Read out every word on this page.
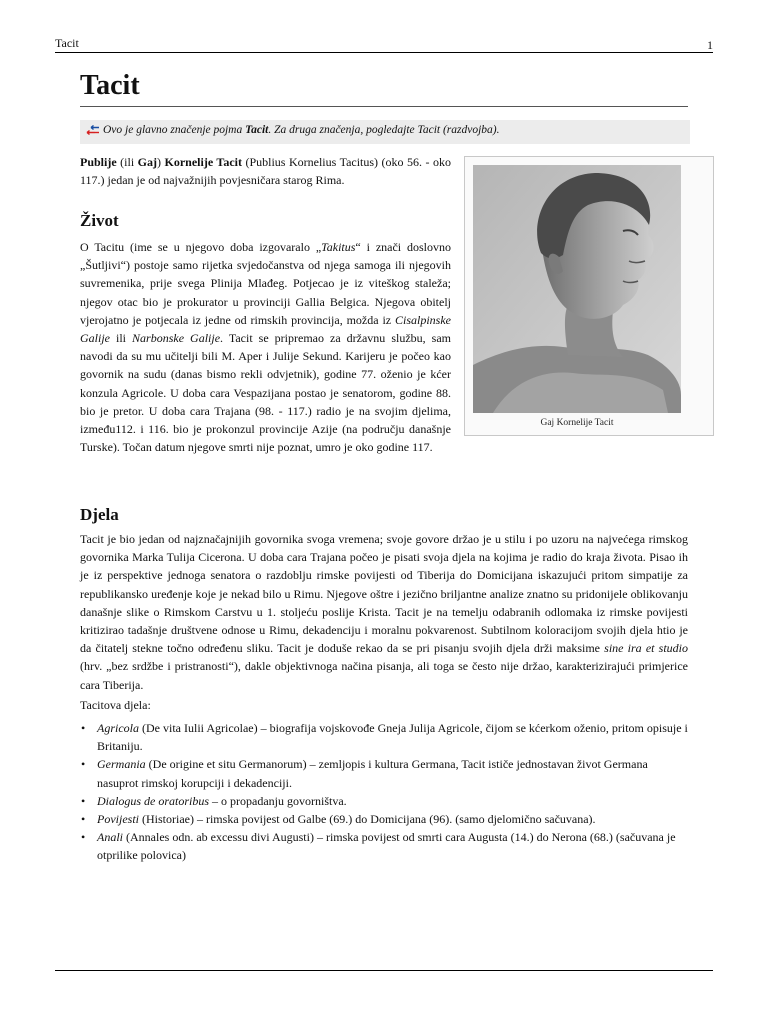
Tacit	1
Tacit
Ovo je glavno značenje pojma Tacit. Za druga značenja, pogledajte Tacit (razdvojba).

Publije (ili Gaj) Kornelije Tacit (Publius Kornelius Tacitus) (oko 56. - oko 117.) jedan je od najvažnijih povjesničara starog Rima.

Gaj Kornelije Tacit
Život

O Tacitu (ime se u njegovo doba izgovaralo „Takitus“ i znači doslovno „Šutljivi“) postoje samo rijetka svjedočanstva od njega samoga ili njegovih suvremenika, prije svega Plinija Mlađeg. Potjecao je iz viteškog staleža; njegov otac bio je prokurator u provinciji Gallia Belgica. Njegova obitelj vjerojatno je potjecala iz jedne od rimskih provincija, možda iz Cisalpinske Galije ili Narbonske Galije. Tacit se pripremao za državnu službu, sam navodi da su mu učitelji bili M. Aper i Julije Sekund. Karijeru je počeo kao govornik na sudu (danas bismo rekli odvjetnik), godine 77. oženio je kćer konzula Agricole. U doba cara Vespazijana postao je senatorom, godine 88. bio je pretor. U doba cara Trajana (98. - 117.) radio je na svojim djelima, između112. i 116. bio je prokonzul provincije Azije (na području današnje Turske). Točan datum njegove smrti nije poznat, umro je oko godine 117.

Djela

Tacit je bio jedan od najznačajnijih govornika svoga vremena; svoje govore držao je u stilu i po uzoru na najvećega rimskog govornika Marka Tulija Cicerona. U doba cara Trajana počeo je pisati svoja djela na kojima je radio do kraja života. Pisao ih je iz perspektive jednoga senatora o razdoblju rimske povijesti od Tiberija do Domicijana iskazujući pritom simpatije za republikansko uređenje koje je nekad bilo u Rimu. Njegove oštre i jezično briljantne analize znatno su pridonijele oblikovanju današnje slike o Rimskom Carstvu u 1. stoljeću poslije Krista. Tacit je na temelju odabranih odlomaka iz rimske povijesti kritizirao tadašnje društvene odnose u Rimu, dekadenciju i moralnu pokvarenost. Subtilnom koloracijom svojih djela htio je da čitatelj stekne točno određenu sliku. Tacit je doduše rekao da se pri pisanju svojih djela drži maksime sine ira et studio (hrv. „bez srdžbe i pristranosti“), dakle objektivnoga načina pisanja, ali toga se često nije držao, karakterizirajući primjerice cara Tiberija.

Tacitova djela:

• Agricola (De vita Iulii Agricolae) – biografija vojskovođe Gneja Julija Agricole, čijom se kćerkom oženio, pritom opisuje i Britaniju.
• Germania (De origine et situ Germanorum) – zemljopis i kultura Germana, Tacit ističe jednostavan život Germana nasuprot rimskoj korupciji i dekadenciji.
• Dialogus de oratoribus – o propadanju govorništva.
• Povijesti (Historiae) – rimska povijest od Galbe (69.) do Domicijana (96). (samo djelomično sačuvana).
• Anali (Annales odn. ab excessu divi Augusti) – rimska povijest od smrti cara Augusta (14.) do Nerona (68.) (sačuvana je otprilike polovica)
